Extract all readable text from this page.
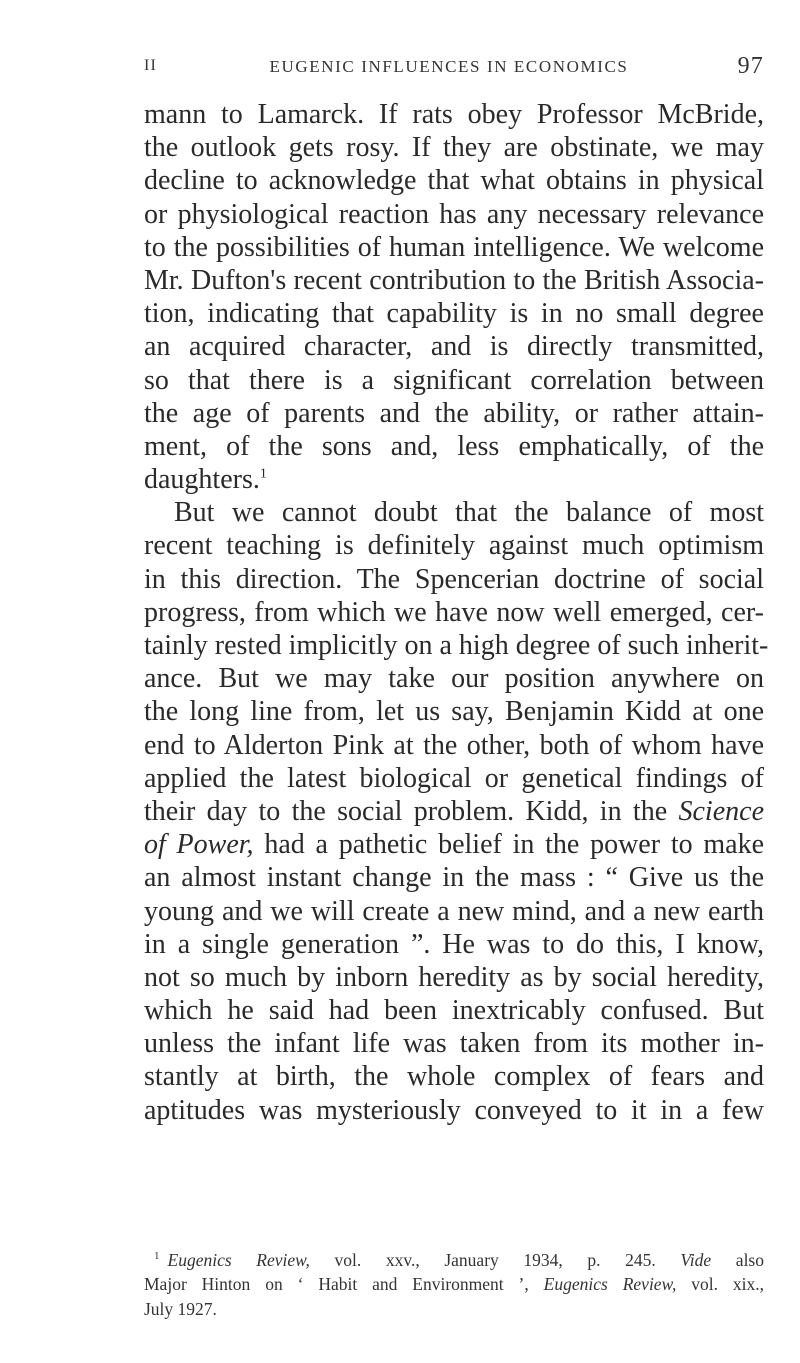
II	EUGENIC INFLUENCES IN ECONOMICS	97
mann to Lamarck. If rats obey Professor McBride,
the outlook gets rosy. If they are obstinate, we may
decline to acknowledge that what obtains in physical
or physiological reaction has any necessary relevance
to the possibilities of human intelligence. We welcome
Mr. Dufton's recent contribution to the British Associa-
tion, indicating that capability is in no small degree
an acquired character, and is directly transmitted,
so that there is a significant correlation between
the age of parents and the ability, or rather attain-
ment, of the sons and, less emphatically, of the
daughters.$^1$
But we cannot doubt that the balance of most
recent teaching is definitely against much optimism
in this direction. The Spencerian doctrine of social
progress, from which we have now well emerged, cer-
tainly rested implicitly on a high degree of such inherit-
ance. But we may take our position anywhere on
the long line from, let us say, Benjamin Kidd at one
end to Alderton Pink at the other, both of whom have
applied the latest biological or genetical findings of
their day to the social problem. Kidd, in the Science
of Power, had a pathetic belief in the power to make
an almost instant change in the mass : “ Give us the
young and we will create a new mind, and a new earth
in a single generation ”. He was to do this, I know,
not so much by inborn heredity as by social heredity,
which he said had been inextricably confused. But
unless the infant life was taken from its mother in-
stantly at birth, the whole complex of fears and
aptitudes was mysteriously conveyed to it in a few
$^1$ Eugenics Review, vol. xxv., January 1934, p. 245. Vide also
Major Hinton on ‘ Habit and Environment ’, Eugenics Review, vol. xix.,
July 1927.
